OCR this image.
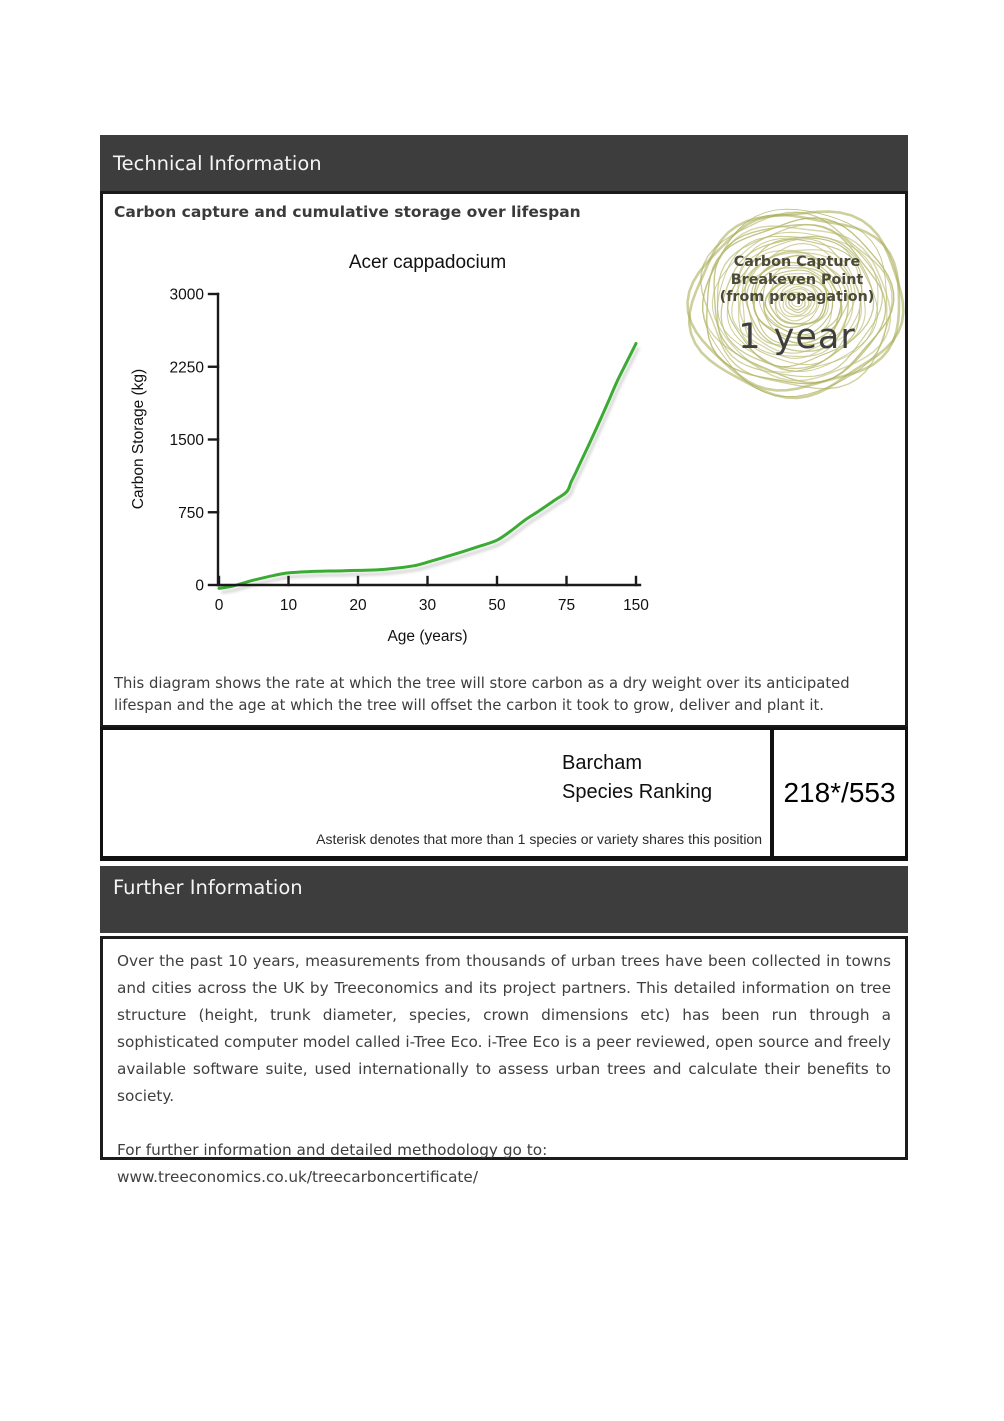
Technical Information
Carbon capture and cumulative storage over lifespan
0
750
1500
2250
3000
0	10	20	30	50	75	150
Acer cappadocium
Age (years)
Carbon Storage (kg)
Carbon Capture
Breakeven Point
(from propagation)
1 year

This diagram shows the rate at which the tree will store carbon as a dry weight over its anticipated lifespan and the age at which the tree will offset the carbon it took to grow, deliver and plant it.

Barcham
Species Ranking
Asterisk denotes that more than 1 species or variety shares this position
218*/553
Further Information

Over the past 10 years, measurements from thousands of urban trees have been collected in towns and cities across the UK by Treeconomics and its project partners. This detailed information on tree structure (height, trunk diameter, species, crown dimensions etc) has been run through a sophisticated computer model called i-Tree Eco. i-Tree Eco is a peer reviewed, open source and freely available software suite, used internationally to assess urban trees and calculate their benefits to society.

For further information and detailed methodology go to: www.treeconomics.co.uk/treecarboncertificate/
